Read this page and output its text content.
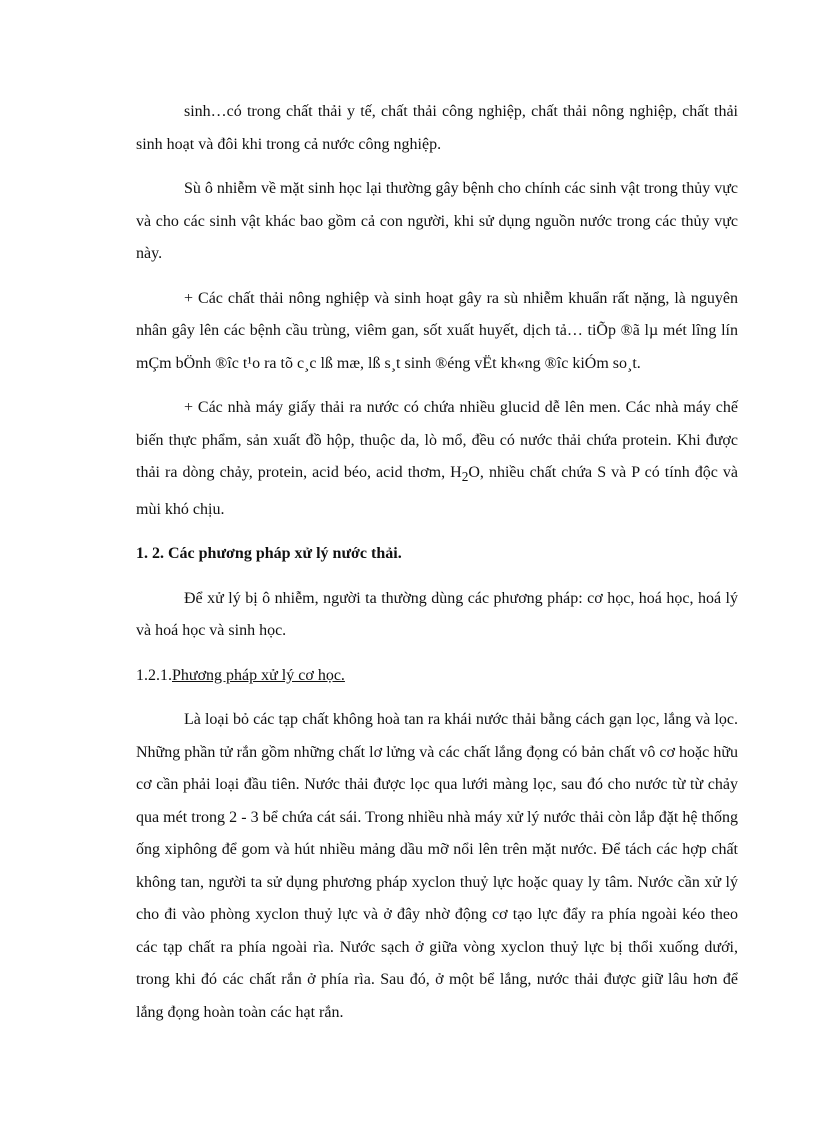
sinh…có trong chất thải y tế, chất thải công nghiệp, chất thải nông nghiệp, chất thải sinh hoạt và đôi khi trong cả nước công nghiệp.

Sù ô nhiễm về mặt sinh học lại thường gây bệnh cho chính các sinh vật trong thủy vực và cho các sinh vật khác bao gồm cả con người, khi sử dụng nguồn nước trong các thủy vực này.

+ Các chất thải nông nghiệp và sinh hoạt gây ra sù nhiễm khuẩn rất nặng, là nguyên nhân gây lên các bệnh cầu trùng, viêm gan, sốt xuất huyết, dịch tả… tiÕp ®ã lµ mét lîng lín mÇm bÖnh ®îc t¹o ra tõ c¸c lß mæ, lß s¸t sinh ®éng vËt kh«ng ®îc kiÓm so¸t.

+ Các nhà máy giấy thải ra nước có chứa nhiều glucid dễ lên men. Các nhà máy chế biến thực phẩm, sản xuất đồ hộp, thuộc da, lò mổ, đều có nước thải chứa protein. Khi được thải ra dòng chảy, protein, acid béo, acid thơm, $H_2O$, nhiều chất chứa S và P có tính độc và mùi khó chịu.

1. 2. Các phương pháp xử lý nước thải.

Để xử lý bị ô nhiễm, người ta thường dùng các phương pháp: cơ học, hoá học, hoá lý và hoá học và sinh học.

1.2.1.Phương pháp xử lý cơ học.

Là loại bỏ các tạp chất không hoà tan ra khái nước thải bằng cách gạn lọc, lắng và lọc. Những phần tử rắn gồm những chất lơ lửng và các chất lắng đọng có bản chất vô cơ hoặc hữu cơ cần phải loại đầu tiên. Nước thải được lọc qua lưới màng lọc, sau đó cho nước từ từ chảy qua mét trong 2 - 3 bể chứa cát sái. Trong nhiều nhà máy xử lý nước thải còn lắp đặt hệ thống ống xiphông để gom và hút nhiều mảng dầu mỡ nổi lên trên mặt nước. Để tách các hợp chất không tan, người ta sử dụng phương pháp xyclon thuỷ lực hoặc quay ly tâm. Nước cần xử lý cho đi vào phòng xyclon thuỷ lực và ở đây nhờ động cơ tạo lực đẩy ra phía ngoài kéo theo các tạp chất ra phía ngoài rìa. Nước sạch ở giữa vòng xyclon thuỷ lực bị thổi xuống dưới, trong khi đó các chất rắn ở phía rìa. Sau đó, ở một bể lắng, nước thải được giữ lâu hơn để lắng đọng hoàn toàn các hạt rắn.
